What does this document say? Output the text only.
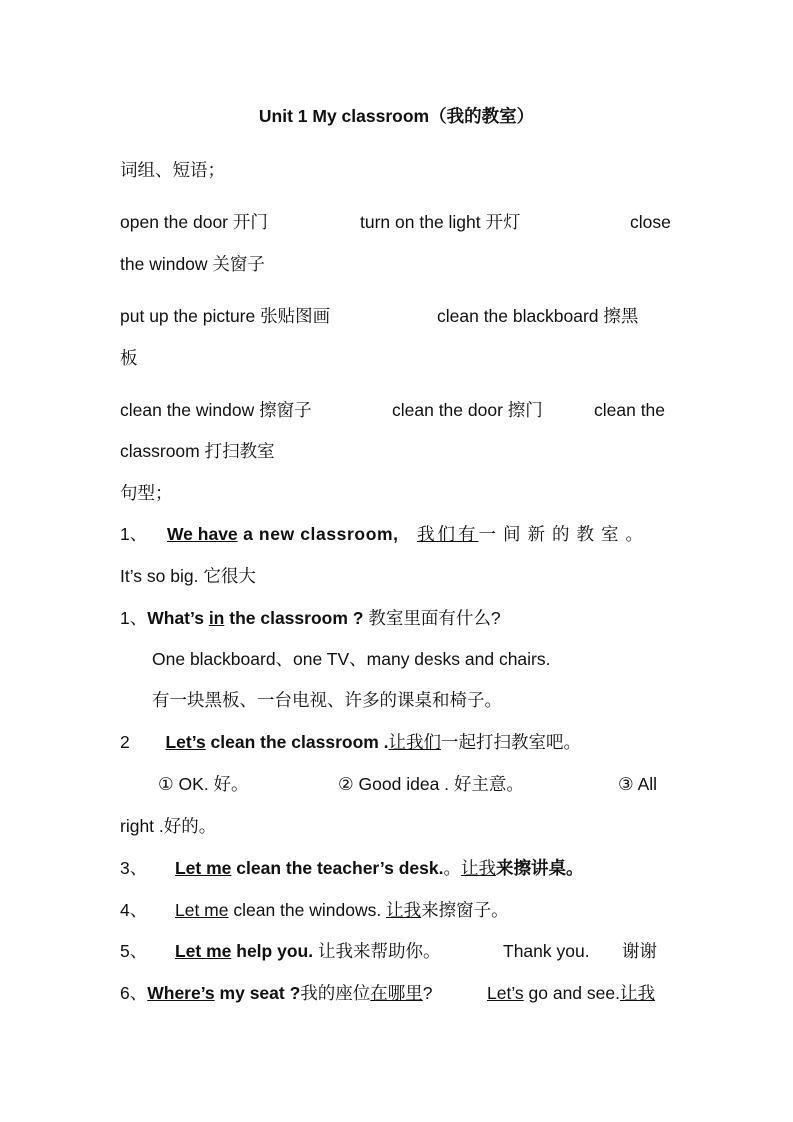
Unit 1 My classroom（我的教室）
词组、短语；
open the door 开门	turn on the light 开灯	close
the window 关窗子
put up the picture 张贴图画	clean the blackboard 擦黑
板
clean the window 擦窗子	clean the door 擦门	clean the
classroom 打扫教室
句型；
1、 We have a new classroom,  我们有一间新的教室。
It’s so big. 它很大
1、What’s in the classroom ? 教室里面有什么?
One blackboard、one TV、many desks and chairs.
有一块黑板、一台电视、许多的课桌和椅子。
2 Let’s clean the classroom .让我们一起打扫教室吧。
① OK. 好。	② Good idea . 好主意。	③ All
right .好的。
3、 Let me clean the teacher’s desk.。让我来擦讲桌。
4、 Let me clean the windows. 让我来擦窗子。
5、 Let me help you. 让我来帮助你。	Thank you. 谢谢
6、Where’s my seat ?我的座位在哪里?	Let’s go and see.让我
